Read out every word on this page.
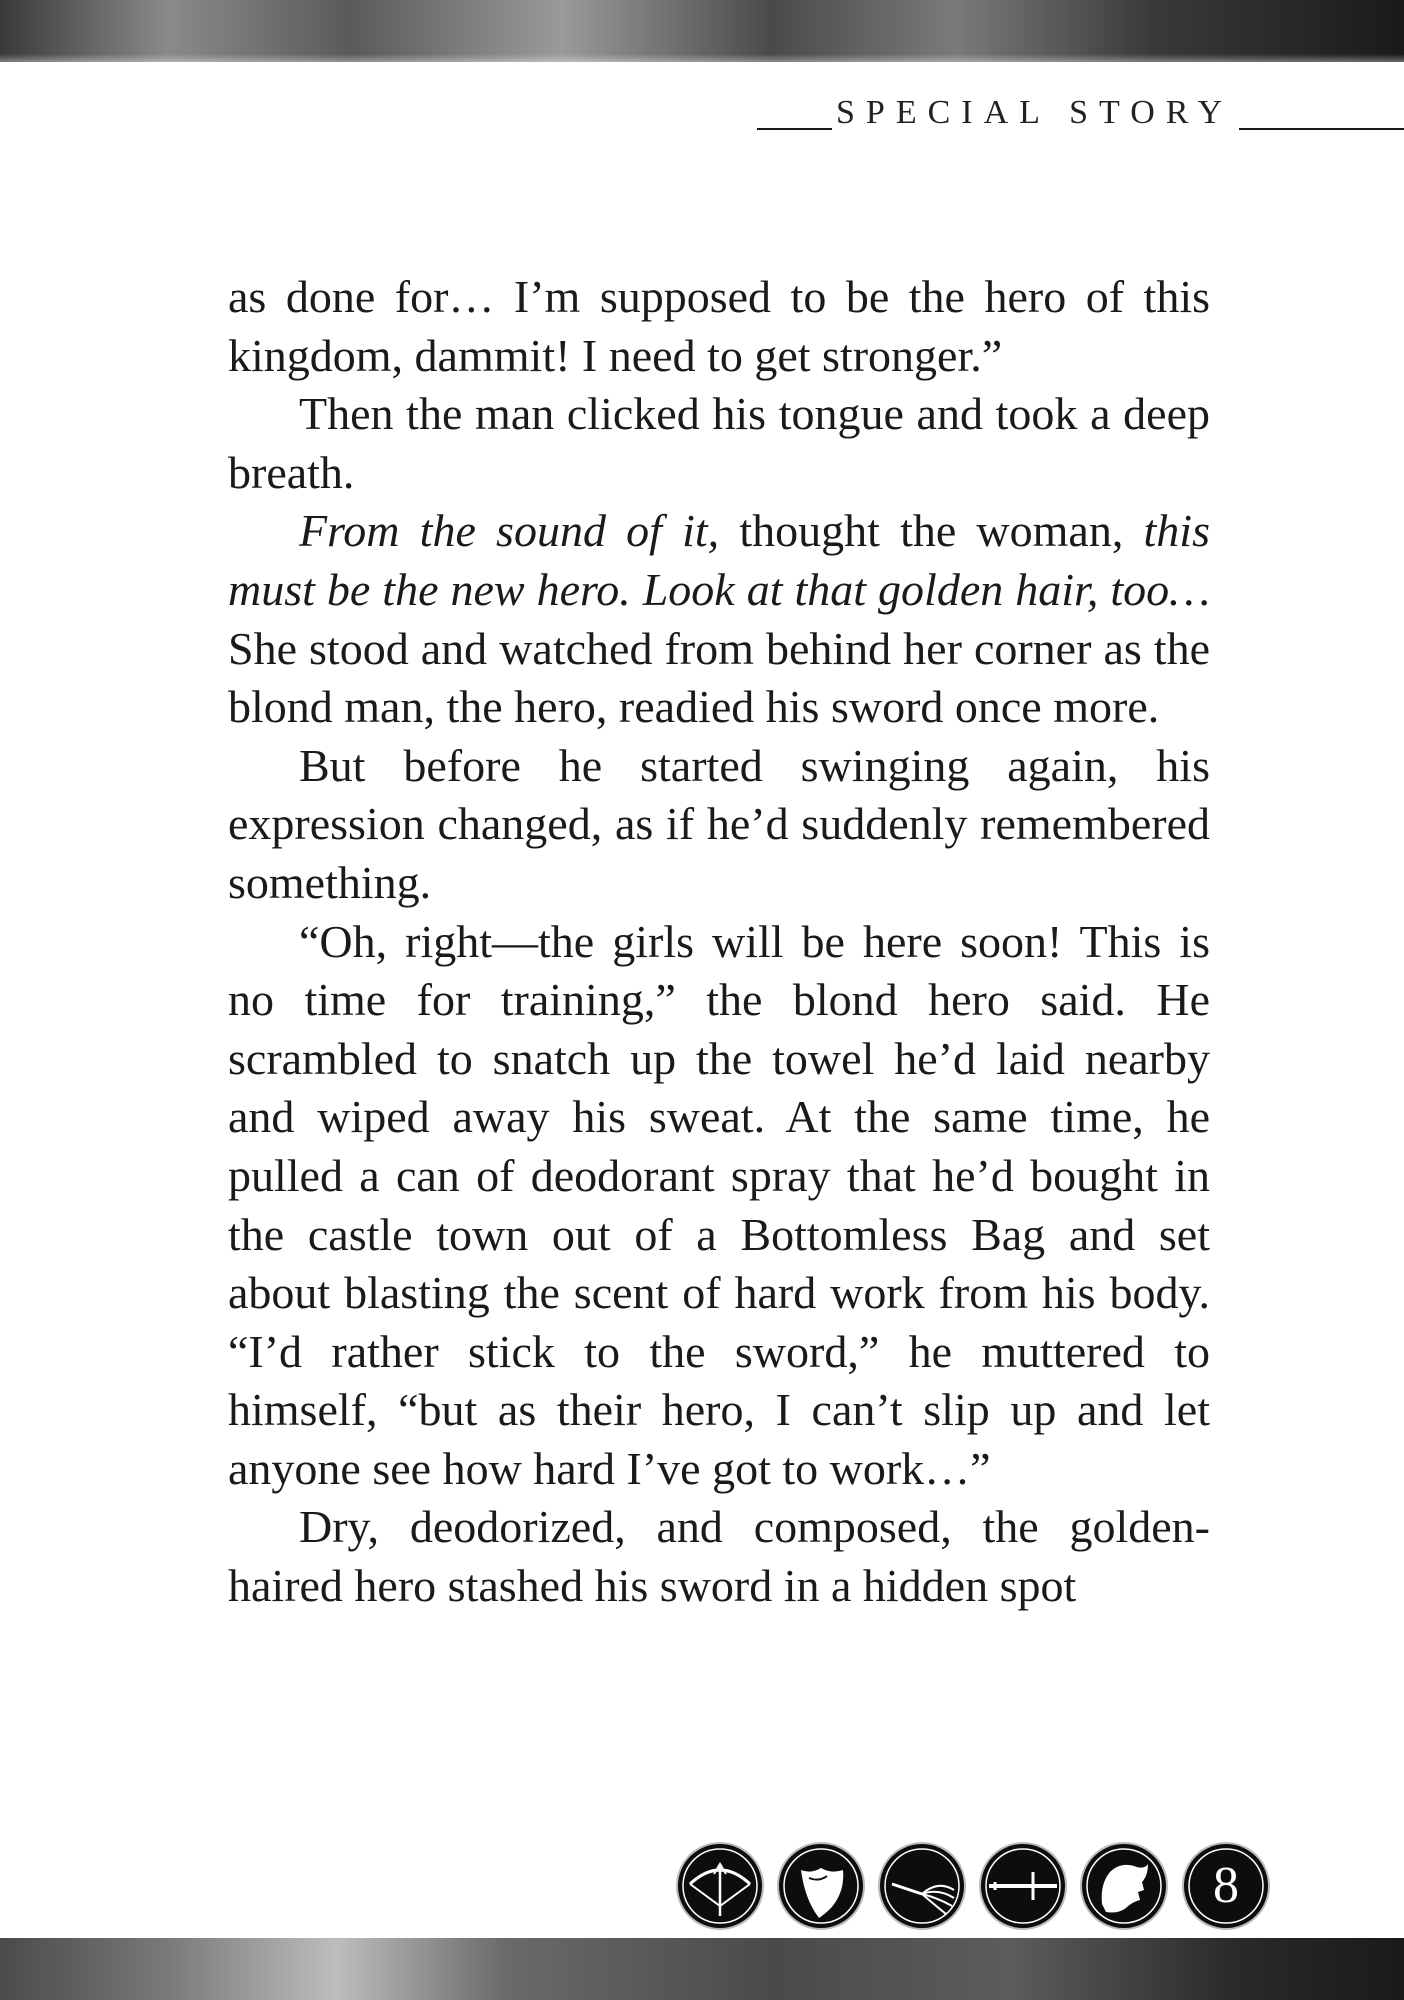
SPECIAL STORY

as done for… I’m supposed to be the hero of this kingdom, dammit! I need to get stronger.”

Then the man clicked his tongue and took a deep breath.

From the sound of it, thought the woman, this must be the new hero. Look at that golden hair, too… She stood and watched from behind her corner as the blond man, the hero, readied his sword once more.

But before he started swinging again, his expression changed, as if he’d suddenly remembered something.

“Oh, right—the girls will be here soon! This is no time for training,” the blond hero said. He scrambled to snatch up the towel he’d laid nearby and wiped away his sweat. At the same time, he pulled a can of deodorant spray that he’d bought in the castle town out of a Bottomless Bag and set about blasting the scent of hard work from his body. “I’d rather stick to the sword,” he muttered to himself, “but as their hero, I can’t slip up and let anyone see how hard I’ve got to work…”

Dry, deodorized, and composed, the golden-haired hero stashed his sword in a hidden spot

8
